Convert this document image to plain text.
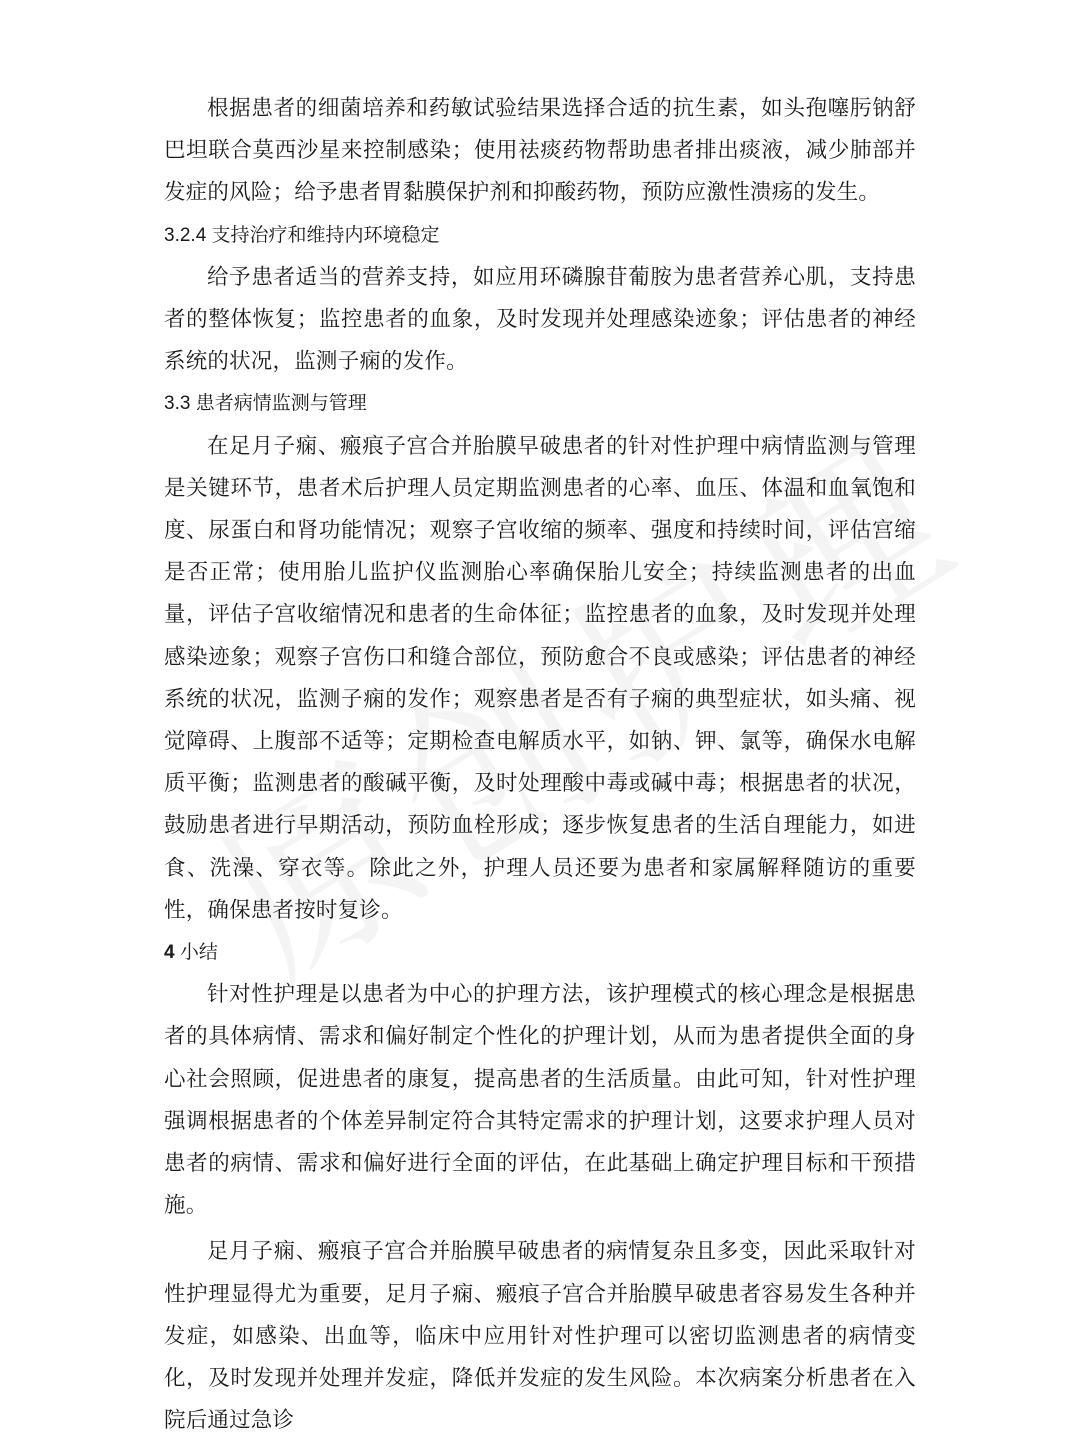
根据患者的细菌培养和药敏试验结果选择合适的抗生素，如头孢噻肟钠舒巴坦联合莫西沙星来控制感染；使用祛痰药物帮助患者排出痰液，减少肺部并发症的风险；给予患者胃黏膜保护剂和抑酸药物，预防应激性溃疡的发生。

3.2.4 支持治疗和维持内环境稳定

给予患者适当的营养支持，如应用环磷腺苷葡胺为患者营养心肌，支持患者的整体恢复；监控患者的血象，及时发现并处理感染迹象；评估患者的神经系统的状况，监测子痫的发作。

3.3 患者病情监测与管理

在足月子痫、瘢痕子宫合并胎膜早破患者的针对性护理中病情监测与管理是关键环节，患者术后护理人员定期监测患者的心率、血压、体温和血氧饱和度、尿蛋白和肾功能情况；观察子宫收缩的频率、强度和持续时间，评估宫缩是否正常；使用胎儿监护仪监测胎心率确保胎儿安全；持续监测患者的出血量，评估子宫收缩情况和患者的生命体征；监控患者的血象，及时发现并处理感染迹象；观察子宫伤口和缝合部位，预防愈合不良或感染；评估患者的神经系统的状况，监测子痫的发作；观察患者是否有子痫的典型症状，如头痛、视觉障碍、上腹部不适等；定期检查电解质水平，如钠、钾、氯等，确保水电解质平衡；监测患者的酸碱平衡，及时处理酸中毒或碱中毒；根据患者的状况，鼓励患者进行早期活动，预防血栓形成；逐步恢复患者的生活自理能力，如进食、洗澡、穿衣等。除此之外，护理人员还要为患者和家属解释随访的重要性，确保患者按时复诊。

4 小结

针对性护理是以患者为中心的护理方法，该护理模式的核心理念是根据患者的具体病情、需求和偏好制定个性化的护理计划，从而为患者提供全面的身心社会照顾，促进患者的康复，提高患者的生活质量。由此可知，针对性护理强调根据患者的个体差异制定符合其特定需求的护理计划，这要求护理人员对患者的病情、需求和偏好进行全面的评估，在此基础上确定护理目标和干预措施。

足月子痫、瘢痕子宫合并胎膜早破患者的病情复杂且多变，因此采取针对性护理显得尤为重要，足月子痫、瘢痕子宫合并胎膜早破患者容易发生各种并发症，如感染、出血等，临床中应用针对性护理可以密切监测患者的病情变化，及时发现并处理并发症，降低并发症的发生风险。本次病案分析患者在入院后通过急诊
